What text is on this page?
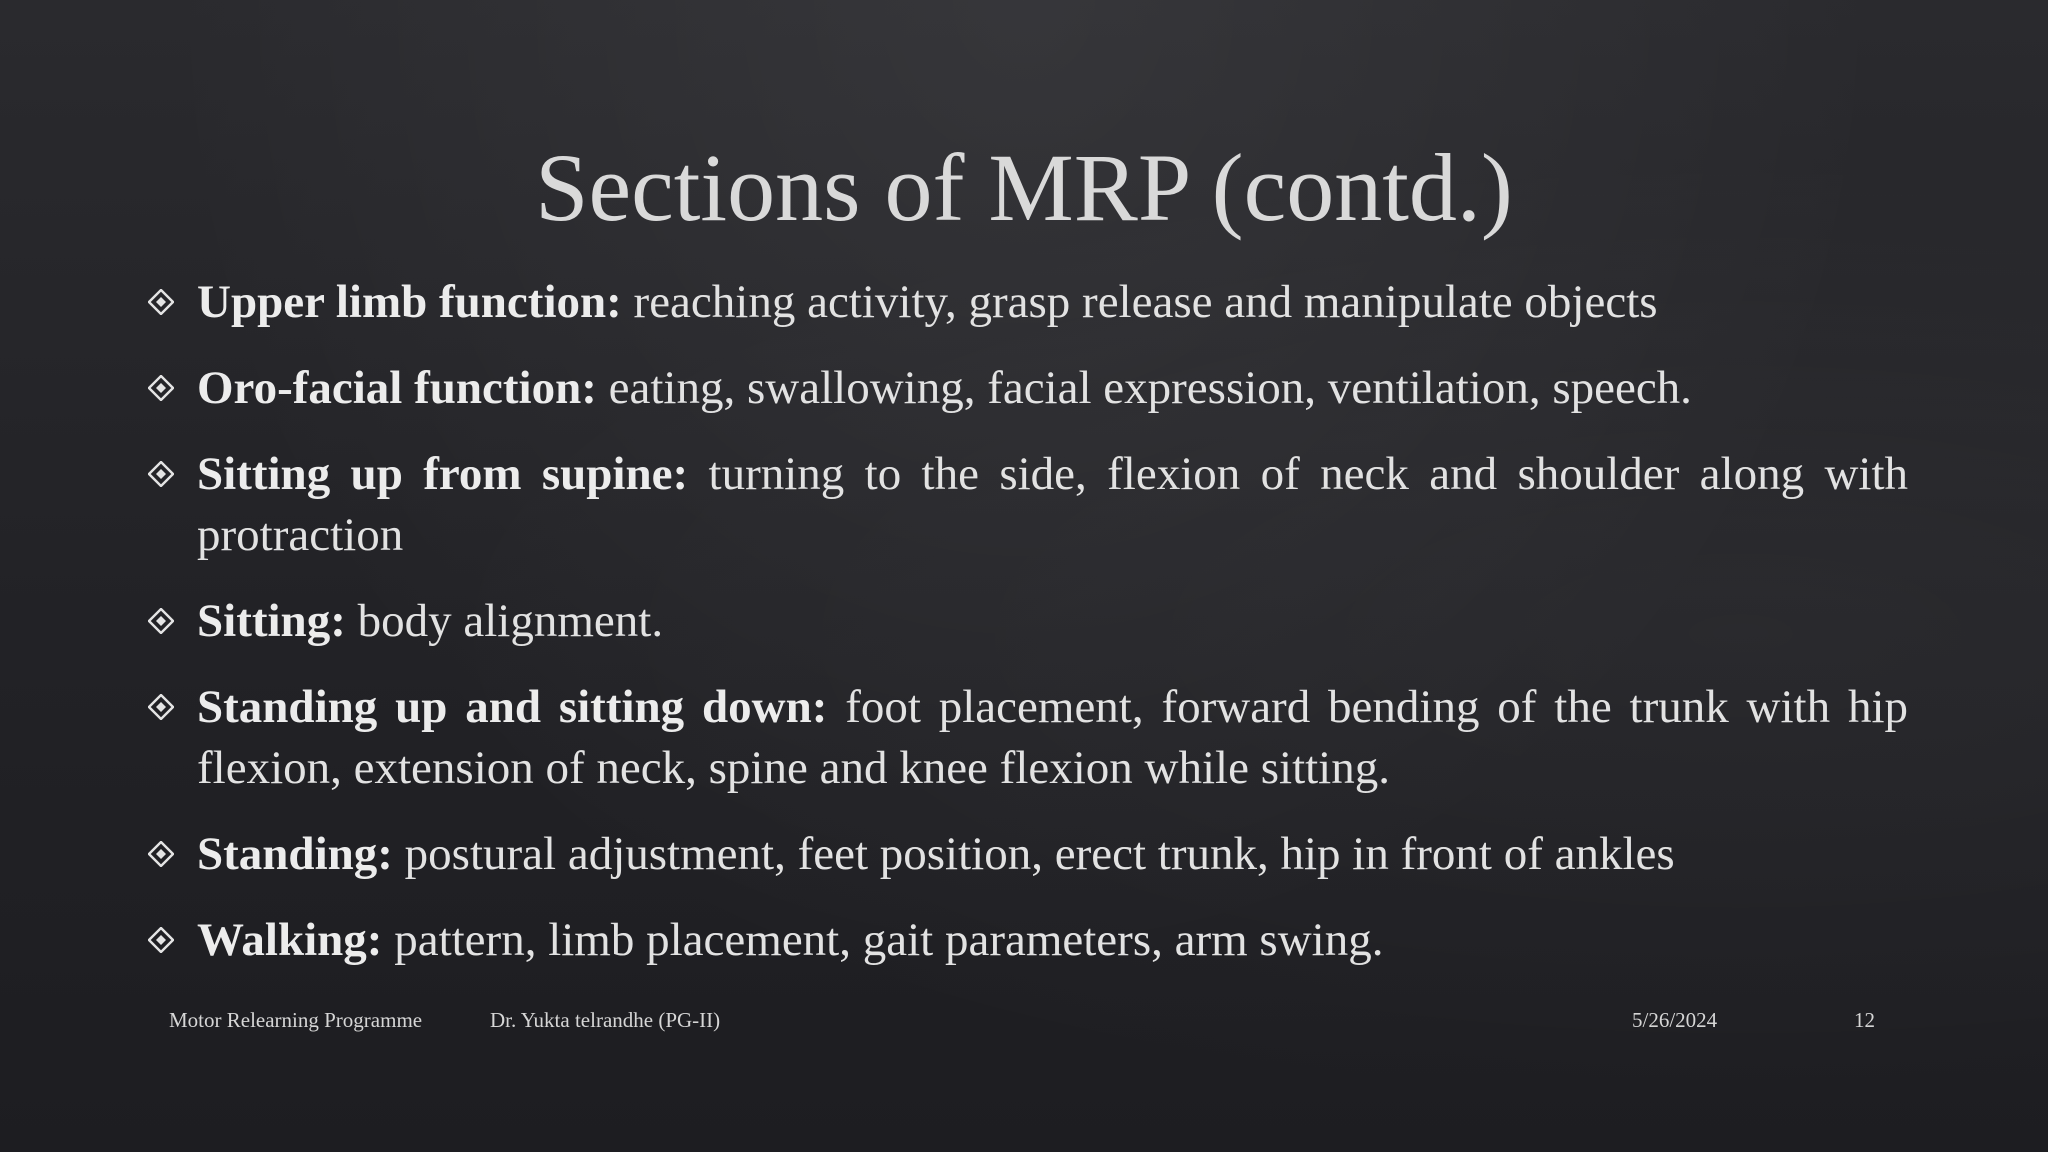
Sections of MRP (contd.)
Upper limb function: reaching activity, grasp release and manipulate objects
Oro-facial function: eating, swallowing, facial expression, ventilation, speech.
Sitting up from supine: turning to the side, flexion of neck and shoulder along with protraction
Sitting: body alignment.
Standing up and sitting down: foot placement, forward bending of the trunk with hip flexion, extension of neck, spine and knee flexion while sitting.
Standing: postural adjustment, feet position, erect trunk, hip in front of ankles
Walking: pattern, limb placement, gait parameters, arm swing.
Motor Relearning Programme	Dr. Yukta telrandhe (PG-II)	5/26/2024	12
